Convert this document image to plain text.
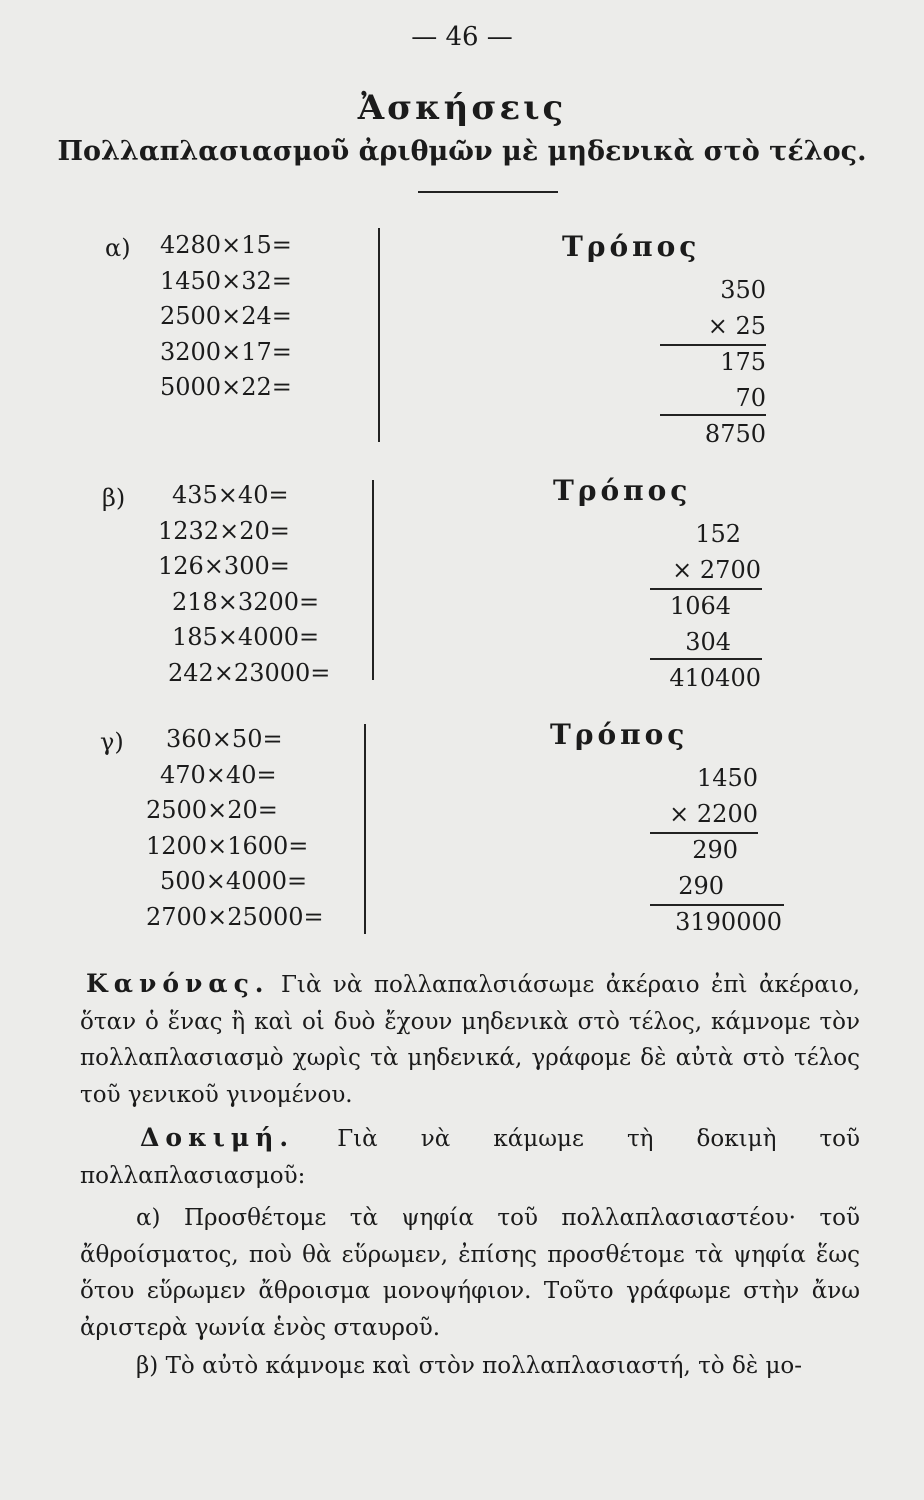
— 46 —
Ἀσκήσεις
Πολλαπλασιασμοῦ ἀριθμῶν μὲ μηδενικὰ στὸ τέλος.
α) 4280×15=
1450×32=
2500×24=
3200×17=
5000×22=
Τρόπος
350
× 25
175
70
8750
β)	435×40=
1232×20=
126×300=
218×3200=
185×4000=
242×23000=
Τρόπος
152
× 2700
1064
304
410400
γ)	360×50=
470×40=
2500×20=
1200×1600=
500×4000=
2700×25000=
Τρόπος
1450
× 2200
290
290
3190000
Κανόνας. Γιὰ νὰ πολλαπαλσιάσωμε ἀκέραιο ἐπὶ ἀκέραιο, ὅταν ὁ ἕνας ἢ καὶ οἱ δυὸ ἔχουν μηδενικὰ στὸ τέλος, κάμνομε τὸν πολλαπλασιασμὸ χωρὶς τὰ μηδενικά, γράφομε δὲ αὐτὰ στὸ τέλος τοῦ γενικοῦ γινομένου.
Δοκιμή. Γιὰ νὰ κάμωμε τὴ δοκιμὴ τοῦ πολλαπλασιασμοῦ:
α) Προσθέτομε τὰ ψηφία τοῦ πολλαπλασιαστέου· τοῦ ἄθροίσματος, ποὺ θὰ εὕρωμεν, ἐπίσης προσθέτομε τὰ ψηφία ἕως ὅτου εὕρωμεν ἄθροισμα μονοψήφιον. Τοῦτο γράφωμε στὴν ἄνω ἀριστερὰ γωνία ἑνὸς σταυροῦ.
β) Τὸ αὐτὸ κάμνομε καὶ στὸν πολλαπλασιαστή, τὸ δὲ μο-
